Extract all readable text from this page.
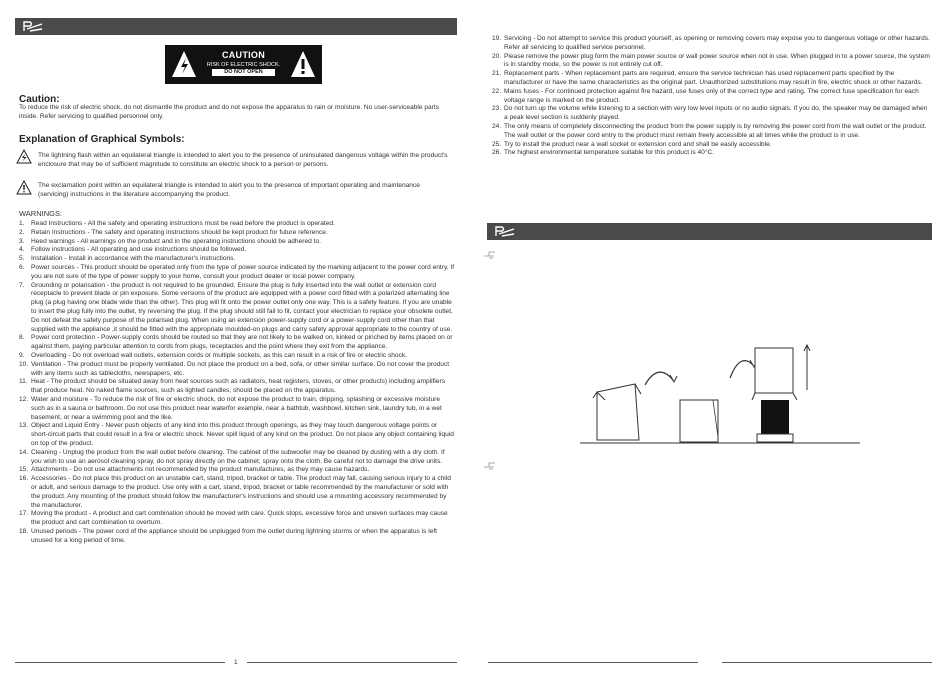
CAUTION
RISK OF ELECTRIC SHOCK.
DO NOT OPEN
Caution:
To reduce the risk of electric shock, do not dismantle the product and do not expose the apparatus to rain or moisture. No user-serviceable parts inside. Refer servicing to qualified personnel only.
Explanation of Graphical Symbols:
The lightning flash within an equilateral triangle is intended to alert you to the presence of uninsulated dangerous voltage within the product's enclosure that may be of sufficient magnitude to constitute an electric shock to a person or persons.
The exclamation point within an equilateral triangle is intended to alert you to the presence of important operating and maintenance (servicing) instructions in the literature accompanying the product.
WARNINGS:
1. Read Instructions - All the safety and operating instructions must be read before the product is operated.
2. Retain Instructions - The safety and operating instructions should be kept product for future reference.
3. Heed warnings - All warnings on the product and in the operating instructions should be adhered to.
4. Follow instructions - All operating and use instructions should be followed.
5. Installation - Install in accordance with the manufacturer's instructions.
6. Power sources - This product should be operated only from the type of power source indicated by the marking adjacent to the power cord entry. If you are not sure of the type of power supply to your home, consult your product dealer or local power company.
7. Grounding or polarisation - the product is not required to be grounded. Ensure the plug is fully inserted into the wall outlet or extension cord receptacle to prevent blade or pin exposure. Some versions of the product are equipped with a power cord fitted with a polarized alternating line plug (a plug having one blade wide than the other). This plug will fit onto the power outlet only one way. This is a safety feature. If you are unable to insert the plug fully into the outlet, try reversing the plug. If the plug should still fail to fit, contact your electrician to replace your obsolete outlet. Do not defeat the safety purpose of the polarised plug. When using an extension power-supply cord or a power-supply cord other than that supplied with the appliance ,it should be fitted with the appropriate moulded-on plugs and carry safety approval appropriate to the country of use.
8. Power cord protection - Power-supply cords should be routed so that they are not likely to be walked on, kinked or pinched by items placed on or against them, paying particular attention to cords from plugs, receptacles and the point where they exit from the appliance.
9. Overloading - Do not overload wall outlets, extension cords or multiple sockets, as this can result in a risk of fire or electric shock.
10. Ventilation - The product must be properly ventilated. Do not place the product on a bed, sofa, or other similar surface. Do not cover the product with any items such as tablecloths, newspapers, etc.
11. Heat - The product should be situated away from heat sources such as radiators, heat registers, stoves, or other products) including amplifiers that produce heat. No naked flame sources, such as lighted candles, should be placed on the apparatus.
12. Water and moisture - To reduce the risk of fire or electric shock, do not expose the product to train, dripping, splashing or excessive moisture such as in a sauna or bathroom. Do not use this product near waterfor example, near a bathtub, washbowl, kitchen sink, laundry tub, in a wet basement, or near a swimming pool and the like.
13. Object and Liquid Entry - Never push objects of any kind into this product through openings, as they may touch dangerous voltage points or short-circuit parts that could result in a fire or electric shock. Never spill liquid of any kind on the product. Do not place any object containing liquid on top of the product.
14. Cleaning - Unplug the product from the wall outlet before cleaning. The cabinet of the subwoofer may be cleaned by dusting with a dry cloth. If you wish to use an aerosol cleaning spray, do not spray directly on the cabinet; spray onto the cloth. Be careful not to damage the drive units.
15. Attachments - Do not use attachments not recommended by the product manufactures, as they may cause hazards.
16. Accessories - Do not place this product on an unstable cart, stand, tripod, bracket or table. The product may fall, causing serious injury to a child or adult, and serious damage to the product. Use only with a cart, stand, tripod, bracket or table recommended by the manufacturer or sold with the product. Any mounting of the product should follow the manufacturer's instructions and should use a mounting accessory recommended by the manufacturer.
17. Moving the product - A product and cart combination should be moved with care. Quick stops, excessive force and uneven surfaces may cause the product and cart combination to overturn.
18. Unused periods - The power cord of the appliance should be unplugged from the outlet during lightning storms or when the apparatus is left unused for a long period of time.
1
19. Servicing - Do not attempt to service this product yourself, as opening or removing covers may expose you to dangerous voltage or other hazards. Refer all servicing to qualified service personnel.
20. Please remove the power plug form the main power source or wall power source when not in use. When plugged in to a power source, the system is in standby mode, so the power is not entirely cut off.
21. Replacement parts - When replacement parts are required, ensure the service technician has used replacement parts specified by the manufacturer or have the same characteristics as the original part. Unauthorized substitutions may result in fire, electric shock or other hazards.
22. Mains fuses - For continued protection against fire hazard, use fuses only of the correct type and rating. The correct fuse specification for each voltage range is marked on the product.
23. Do not turn up the volume while listening to a section with very low level inputs or no audio signals. If you do, the speaker may be damaged when a peak level section is suddenly played.
24. The only means of completely disconnecting the product from the power supply is by removing the power cord from the wall outlet or the product. The wall outlet or the power cord entry to the product must remain freely accessible at all times while the product is in use.
25. Try to install the product near a wall socket or extension cord and shall be easily accessible.
26. The highest environmental temperature suitable for this product is 40°C.
